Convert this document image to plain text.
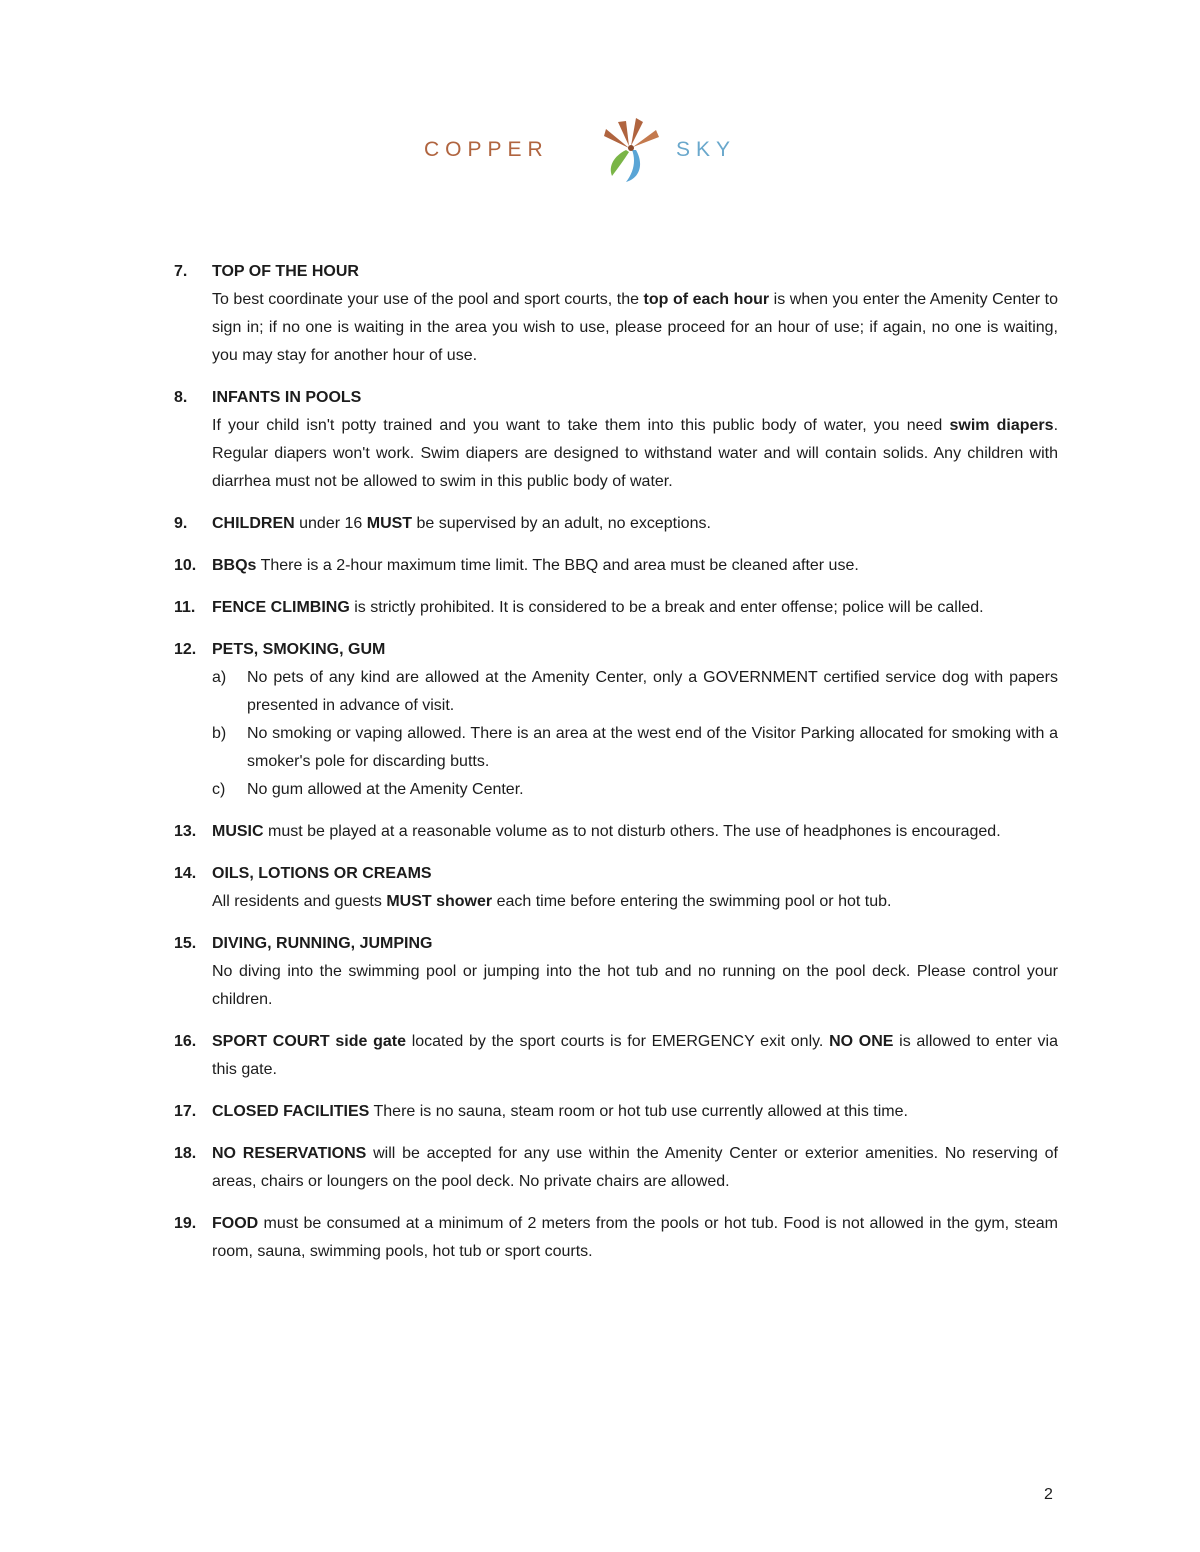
COPPER	SKY
7. TOP OF THE HOUR
To best coordinate your use of the pool and sport courts, the top of each hour is when you enter the Amenity Center to sign in; if no one is waiting in the area you wish to use, please proceed for an hour of use; if again, no one is waiting, you may stay for another hour of use.
8. INFANTS IN POOLS
If your child isn't potty trained and you want to take them into this public body of water, you need swim diapers. Regular diapers won't work. Swim diapers are designed to withstand water and will contain solids. Any children with diarrhea must not be allowed to swim in this public body of water.
9. CHILDREN under 16 MUST be supervised by an adult, no exceptions.
10. BBQs There is a 2-hour maximum time limit. The BBQ and area must be cleaned after use.
11. FENCE CLIMBING is strictly prohibited. It is considered to be a break and enter offense; police will be called.
12. PETS, SMOKING, GUM
a) No pets of any kind are allowed at the Amenity Center, only a GOVERNMENT certified service dog with papers presented in advance of visit.
b) No smoking or vaping allowed. There is an area at the west end of the Visitor Parking allocated for smoking with a smoker's pole for discarding butts.
c) No gum allowed at the Amenity Center.
13. MUSIC must be played at a reasonable volume as to not disturb others. The use of headphones is encouraged.
14. OILS, LOTIONS OR CREAMS
All residents and guests MUST shower each time before entering the swimming pool or hot tub.
15. DIVING, RUNNING, JUMPING
No diving into the swimming pool or jumping into the hot tub and no running on the pool deck. Please control your children.
16. SPORT COURT side gate located by the sport courts is for EMERGENCY exit only. NO ONE is allowed to enter via this gate.
17. CLOSED FACILITIES There is no sauna, steam room or hot tub use currently allowed at this time.
18. NO RESERVATIONS will be accepted for any use within the Amenity Center or exterior amenities. No reserving of areas, chairs or loungers on the pool deck. No private chairs are allowed.
19. FOOD must be consumed at a minimum of 2 meters from the pools or hot tub. Food is not allowed in the gym, steam room, sauna, swimming pools, hot tub or sport courts.
2
